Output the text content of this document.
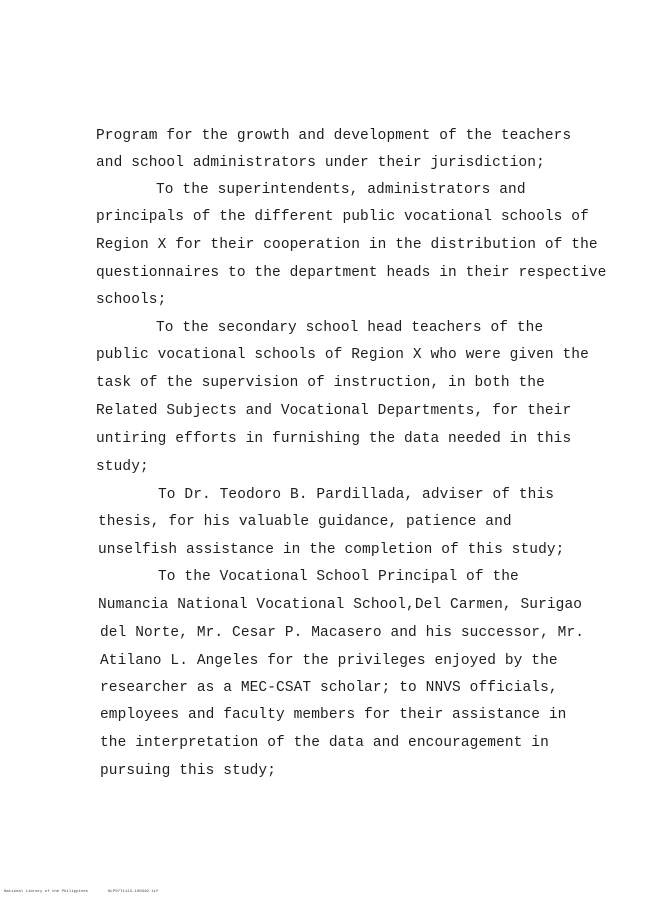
Program for the growth and development of the teachers
and school administrators under their jurisdiction;
To the superintendents, administrators and
principals of the different public vocational schools of
Region X for their cooperation in the distribution of the
questionnaires to the department heads in their respective
schools;
To the secondary school head teachers of the
public vocational schools of Region X who were given the
task of the supervision of instruction, in both the
Related Subjects and Vocational Departments, for their
untiring efforts in furnishing the data needed in this
study;
To Dr. Teodoro B. Pardillada, adviser of this
thesis, for his valuable guidance, patience and
unselfish assistance in the completion of this study;
To the Vocational School Principal of the
Numancia National Vocational School,Del Carmen, Surigao
del Norte, Mr. Cesar P. Macasero and his successor, Mr.
Atilano L. Angeles for the privileges enjoyed by the
researcher as a MEC-CSAT scholar; to NNVS officials,
employees and faculty members for their assistance in
the interpretation of the data and encouragement in
pursuing this study;
National Library of the Philippines	NLP07T1113-100349 tif
